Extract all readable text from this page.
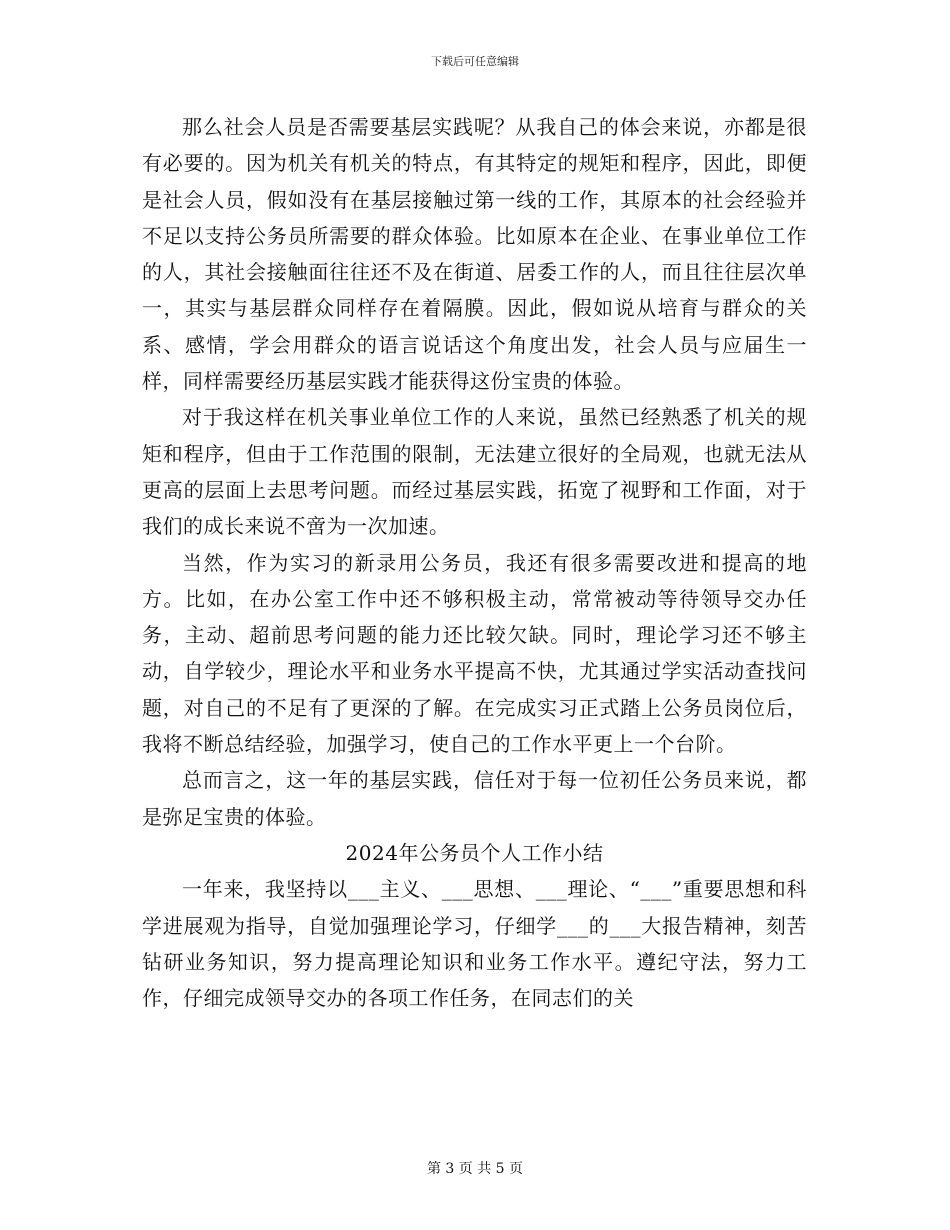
下载后可任意编辑

那么社会人员是否需要基层实践呢？从我自己的体会来说，亦都是很有必要的。因为机关有机关的特点，有其特定的规矩和程序，因此，即便是社会人员，假如没有在基层接触过第一线的工作，其原本的社会经验并不足以支持公务员所需要的群众体验。比如原本在企业、在事业单位工作的人，其社会接触面往往还不及在街道、居委工作的人，而且往往层次单一，其实与基层群众同样存在着隔膜。因此，假如说从培育与群众的关系、感情，学会用群众的语言说话这个角度出发，社会人员与应届生一样，同样需要经历基层实践才能获得这份宝贵的体验。

对于我这样在机关事业单位工作的人来说，虽然已经熟悉了机关的规矩和程序，但由于工作范围的限制，无法建立很好的全局观，也就无法从更高的层面上去思考问题。而经过基层实践，拓宽了视野和工作面，对于我们的成长来说不啻为一次加速。

当然，作为实习的新录用公务员，我还有很多需要改进和提高的地方。比如，在办公室工作中还不够积极主动，常常被动等待领导交办任务，主动、超前思考问题的能力还比较欠缺。同时，理论学习还不够主动，自学较少，理论水平和业务水平提高不快，尤其通过学实活动查找问题，对自己的不足有了更深的了解。在完成实习正式踏上公务员岗位后，我将不断总结经验，加强学习，使自己的工作水平更上一个台阶。

总而言之，这一年的基层实践，信任对于每一位初任公务员来说，都是弥足宝贵的体验。

2024年公务员个人工作小结

一年来，我坚持以___主义、___思想、___理论、“___”重要思想和科学进展观为指导，自觉加强理论学习，仔细学___的___大报告精神，刻苦钻研业务知识，努力提高理论知识和业务工作水平。遵纪守法，努力工作，仔细完成领导交办的各项工作任务，在同志们的关

第 3 页 共 5 页
